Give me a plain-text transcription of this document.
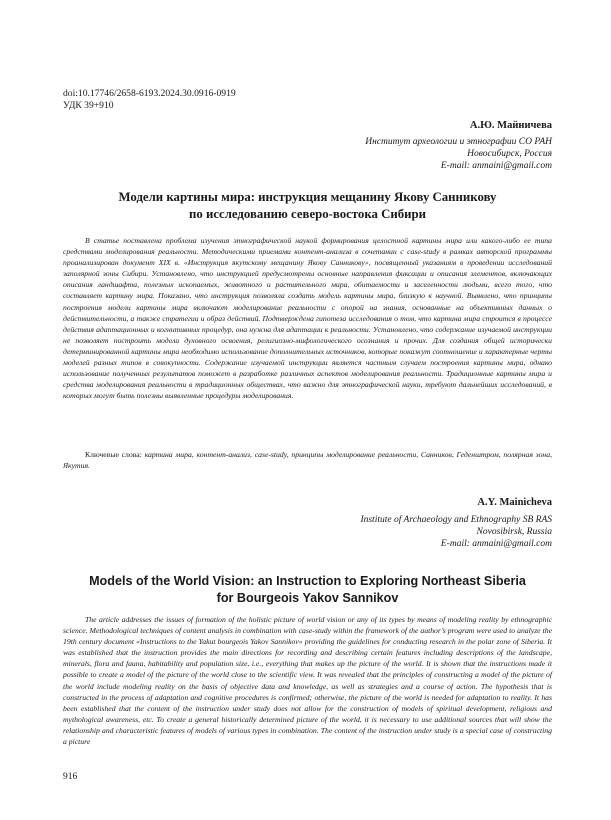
doi:10.17746/2658-6193.2024.30.0916-0919
УДК 39+910
А.Ю. Майничева
Институт археологии и этнографии СО РАН
Новосибирск, Россия
E-mail: anmaini@gmail.com
Модели картины мира: инструкция мещанину Якову Санникову
по исследованию северо-востока Сибири

В статье поставлена проблема изучения этнографической наукой формирования целостной картины мира или какого-либо ее типа средствами моделирования реальности. Методическими приемами контент-анализа в сочетании с case-study в рамках авторской программы проанализирован документ XIX в. «Инструкция якутскому мещанину Якову Санникову», посвященный указаниям в проведении исследований заполярной зоны Сибири. Установлено, что инструкцией предусмотрены основные направления фиксации и описания элементов, включающих описания ландшафта, полезных ископаемых, животного и растительного мира, обитаемости и заселенности людьми, всего того, что составляет картину мира. Показано, что инструкция позволяла создать модель картины мира, близкую к научной. Выявлено, что принципы построения модели картины мира включают моделирование реальности с опорой на знания, основанные на объективных данных о действительности, а также стратегии и образ действий. Подтверждена гипотеза исследования о том, что картина мира строится в процессе действия адаптационных и когнитивных процедур, она нужна для адаптации к реальности. Установлено, что содержание изучаемой инструкции не позволяет построить модели духовного освоения, религиозно-мифологического осознания и прочих. Для создания общей исторически детерминированной картины мира необходимо использование дополнительных источников, которые покажут соотношение и характерные черты моделей разных типов в совокупности. Содержание изучаемой инструкции является частным случаем построения картины мира, однако использование полученных результатов поможет в разработке различных аспектов моделирования реальности. Традиционные картины мира и средства моделирования реальности в традиционных обществах, что важно для этнографической науки, требуют дальнейших исследований, в которых могут быть полезны выявленные процедуры моделирования.

Ключевые слова: картина мира, контент-анализ, case-study, принципы моделирование реальности, Санников, Геденштром, полярная зона, Якутия.

A.Y. Mainicheva
Institute of Archaeology and Ethnography SB RAS
Novosibirsk, Russia
E-mail: anmaini@gmail.com
Models of the World Vision: an Instruction to Exploring Northeast Siberia
for Bourgeois Yakov Sannikov

The article addresses the issues of formation of the holistic picture of world vision or any of its types by means of modeling reality by ethnographic science. Methodological techniques of content analysis in combination with case-study within the framework of the author’s program were used to analyze the 19th century document «Instructions to the Yakut bourgeois Yakov Sannikov» providing the guidelines for conducting research in the polar zone of Siberia. It was established that the instruction provides the main directions for recording and describing certain features including descriptions of the landscape, minerals, flora and fauna, habitability and population size, i.e., everything that makes up the picture of the world. It is shown that the instructions made it possible to create a model of the picture of the world close to the scientific view. It was revealed that the principles of constructing a model of the picture of the world include modeling reality on the basis of objective data and knowledge, as well as strategies and a course of action. The hypothesis that is constructed in the process of adaptation and cognitive procedures is confirmed; otherwise, the picture of the world is needed for adaptation to reality. It has been established that the content of the instruction under study does not allow for the construction of models of spiritual development, religious and mythological awareness, etc. To create a general historically determined picture of the world, it is necessary to use additional sources that will show the relationship and characteristic features of models of various types in combination. The content of the instruction under study is a special case of constructing a picture

916
